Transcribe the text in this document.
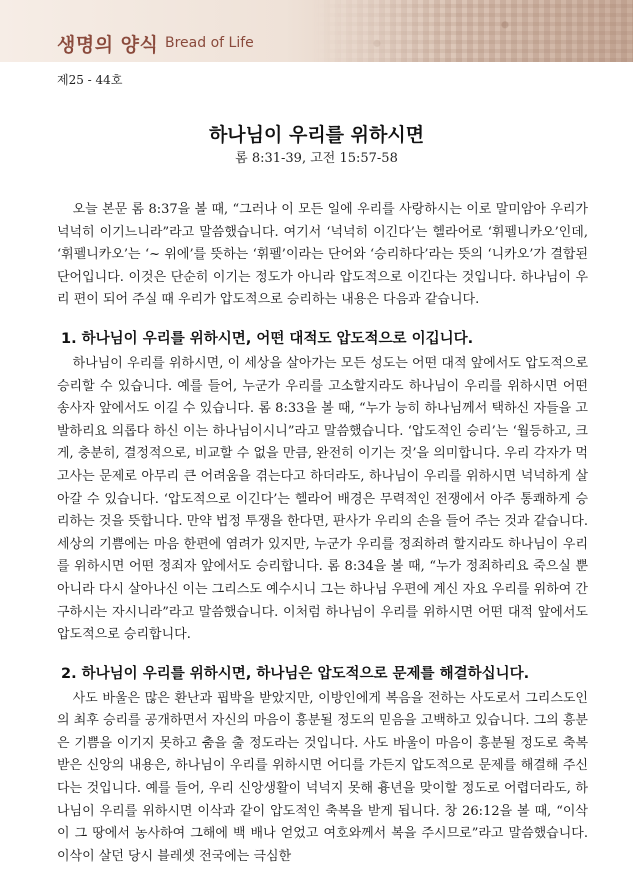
생명의 양식 Bread of Life
제25 - 44호
하나님이 우리를 위하시면
롬 8:31-39, 고전 15:57-58

오늘 본문 롬 8:37을 볼 때, “그러나 이 모든 일에 우리를 사랑하시는 이로 말미암아 우리가 넉넉히 이기느니라”라고 말씀했습니다. 여기서 ‘넉넉히 이긴다’는 헬라어로 ‘휘펠니카오’인데, ‘휘펠니카오’는 ‘~ 위에’를 뜻하는 ‘휘펠’이라는 단어와 ‘승리하다’라는 뜻의 ‘니카오’가 결합된 단어입니다. 이것은 단순히 이기는 정도가 아니라 압도적으로 이긴다는 것입니다. 하나님이 우리 편이 되어 주실 때 우리가 압도적으로 승리하는 내용은 다음과 같습니다.

1. 하나님이 우리를 위하시면, 어떤 대적도 압도적으로 이깁니다.

하나님이 우리를 위하시면, 이 세상을 살아가는 모든 성도는 어떤 대적 앞에서도 압도적으로 승리할 수 있습니다. 예를 들어, 누군가 우리를 고소할지라도 하나님이 우리를 위하시면 어떤 송사자 앞에서도 이길 수 있습니다. 롬 8:33을 볼 때, “누가 능히 하나님께서 택하신 자들을 고발하리요 의롭다 하신 이는 하나님이시니”라고 말씀했습니다. ‘압도적인 승리’는 ‘월등하고, 크게, 충분히, 결정적으로, 비교할 수 없을 만큼, 완전히 이기는 것’을 의미합니다. 우리 각자가 먹고사는 문제로 아무리 큰 어려움을 겪는다고 하더라도, 하나님이 우리를 위하시면 넉넉하게 살아갈 수 있습니다. ‘압도적으로 이긴다’는 헬라어 배경은 무력적인 전쟁에서 아주 통쾌하게 승리하는 것을 뜻합니다. 만약 법정 투쟁을 한다면, 판사가 우리의 손을 들어 주는 것과 같습니다. 세상의 기쁨에는 마음 한편에 염려가 있지만, 누군가 우리를 정죄하려 할지라도 하나님이 우리를 위하시면 어떤 정죄자 앞에서도 승리합니다. 롬 8:34을 볼 때, “누가 정죄하리요 죽으실 뿐 아니라 다시 살아나신 이는 그리스도 예수시니 그는 하나님 우편에 계신 자요 우리를 위하여 간구하시는 자시니라”라고 말씀했습니다. 이처럼 하나님이 우리를 위하시면 어떤 대적 앞에서도 압도적으로 승리합니다.

2. 하나님이 우리를 위하시면, 하나님은 압도적으로 문제를 해결하십니다.

사도 바울은 많은 환난과 핍박을 받았지만, 이방인에게 복음을 전하는 사도로서 그리스도인의 최후 승리를 공개하면서 자신의 마음이 흥분될 정도의 믿음을 고백하고 있습니다. 그의 흥분은 기쁨을 이기지 못하고 춤을 출 정도라는 것입니다. 사도 바울이 마음이 흥분될 정도로 축복받은 신앙의 내용은, 하나님이 우리를 위하시면 어디를 가든지 압도적으로 문제를 해결해 주신다는 것입니다. 예를 들어, 우리 신앙생활이 넉넉지 못해 흉년을 맞이할 정도로 어렵더라도, 하나님이 우리를 위하시면 이삭과 같이 압도적인 축복을 받게 됩니다. 창 26:12을 볼 때, “이삭이 그 땅에서 농사하여 그해에 백 배나 얻었고 여호와께서 복을 주시므로”라고 말씀했습니다. 이삭이 살던 당시 블레셋 전국에는 극심한
